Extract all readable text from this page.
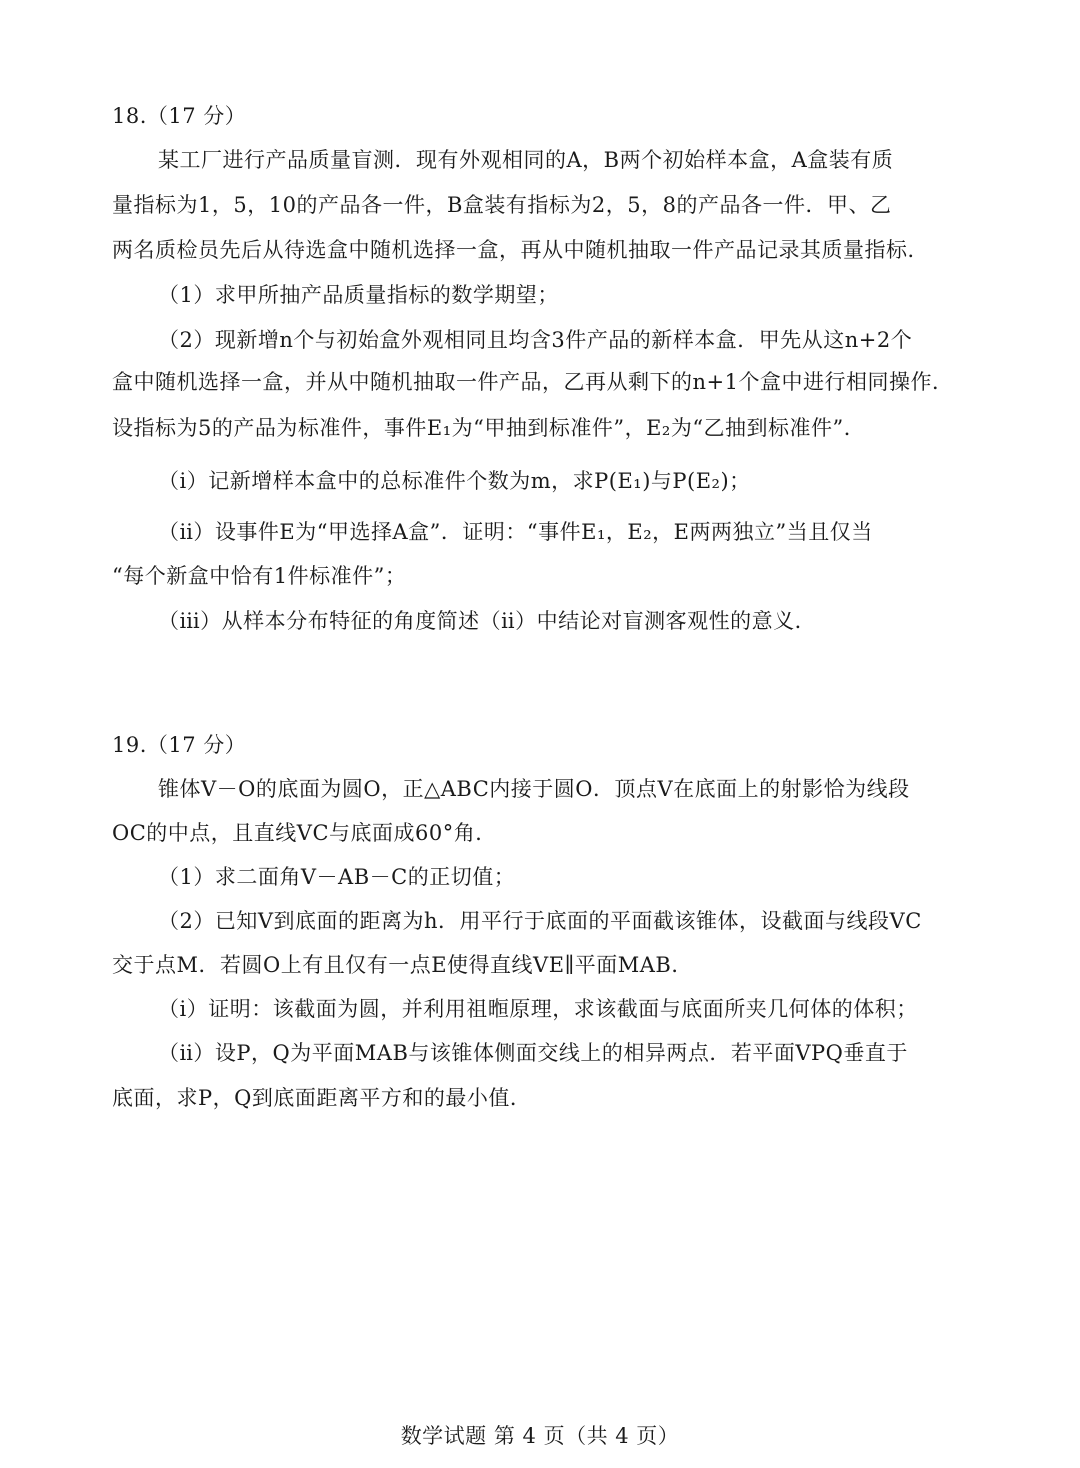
18.（17 分）
某工厂进行产品质量盲测．现有外观相同的A，B两个初始样本盒，A盒装有质
量指标为1，5，10的产品各一件，B盒装有指标为2，5，8的产品各一件．甲、乙
两名质检员先后从待选盒中随机选择一盒，再从中随机抽取一件产品记录其质量指标．
（1）求甲所抽产品质量指标的数学期望；
（2）现新增n个与初始盒外观相同且均含3件产品的新样本盒．甲先从这n+2个
盒中随机选择一盒，并从中随机抽取一件产品，乙再从剩下的n+1个盒中进行相同操作．
设指标为5的产品为标准件，事件E₁为“甲抽到标准件”，E₂为“乙抽到标准件”．
（ⅰ）记新增样本盒中的总标准件个数为m，求P(E₁)与P(E₂)；
（ⅱ）设事件E为“甲选择A盒”．证明：“事件E₁，E₂，E两两独立”当且仅当
“每个新盒中恰有1件标准件”；
（ⅲ）从样本分布特征的角度简述（ⅱ）中结论对盲测客观性的意义．
19.（17 分）
锥体V－O的底面为圆O，正△ABC内接于圆O．顶点V在底面上的射影恰为线段
OC的中点，且直线VC与底面成60°角．
（1）求二面角V－AB－C的正切值；
（2）已知V到底面的距离为h．用平行于底面的平面截该锥体，设截面与线段VC
交于点M．若圆O上有且仅有一点E使得直线VE∥平面MAB．
（ⅰ）证明：该截面为圆，并利用祖暅原理，求该截面与底面所夹几何体的体积；
（ⅱ）设P，Q为平面MAB与该锥体侧面交线上的相异两点．若平面VPQ垂直于
底面，求P，Q到底面距离平方和的最小值．
数学试题 第 4 页（共 4 页）
